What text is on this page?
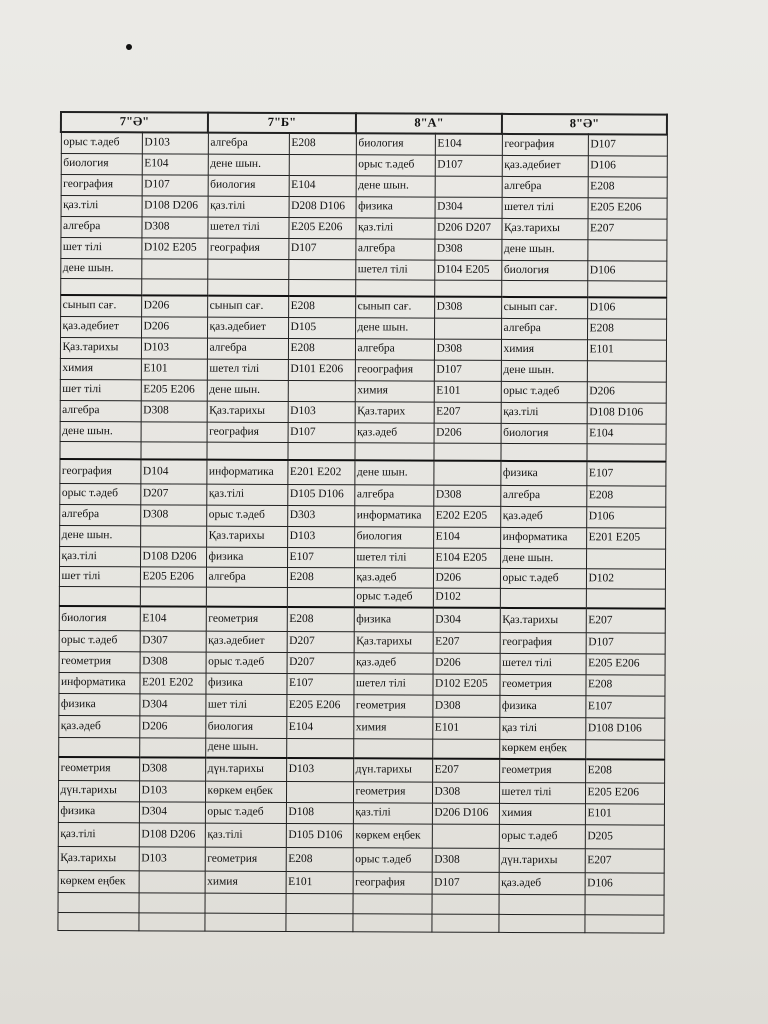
7"Ә"		7"Б"		8"А"		8"Ә"	
орыс т.әдеб	D103	алгебра	E208	биология	E104	география	D107
биология	E104	дене шын.		орыс т.әдеб	D107	қаз.әдебиет	D106
география	D107	биология	E104	дене шын.		алгебра	E208
қаз.тілі	D108 D206	қаз.тілі	D208 D106	физика	D304	шетел тілі	E205 E206
алгебра	D308	шетел тілі	E205 E206	қаз.тілі	D206 D207	Қаз.тарихы	E207
шет тілі	D102 E205	география	D107	алгебра	D308	дене шын.	
дене шын.				шетел тілі	D104 E205	биология	D106

сынып сағ.	D206	сынып сағ.	E208	сынып сағ.	D308	сынып сағ.	D106
қаз.әдебиет	D206	қаз.әдебиет	D105	дене шын.		алгебра	E208
Қаз.тарихы	D103	алгебра	E208	алгебра	D308	химия	E101
химия	E101	шетел тілі	D101 E206	геоография	D107	дене шын.	
шет тілі	E205 E206	дене шын.		химия	E101	орыс т.әдеб	D206
алгебра	D308	Қаз.тарихы	D103	Қаз.тарих	E207	қаз.тілі	D108 D106
дене шын.		география	D107	қаз.әдеб	D206	биология	E104

география	D104	информатика	E201 E202	дене шын.		физика	E107
орыс т.әдеб	D207	қаз.тілі	D105 D106	алгебра	D308	алгебра	E208
алгебра	D308	орыс т.әдеб	D303	информатика	E202 E205	қаз.әдеб	D106
дене шын.		Қаз.тарихы	D103	биология	E104	информатика	E201 E205
қаз.тілі	D108 D206	физика	E107	шетел тілі	E104 E205	дене шын.	
шет тілі	E205 E206	алгебра	E208	қаз.әдеб	D206	орыс т.әдеб	D102
				орыс т.әдеб	D102		
биология	E104	геометрия	E208	физика	D304	Қаз.тарихы	E207
орыс т.әдеб	D307	қаз.әдебиет	D207	Қаз.тарихы	E207	география	D107
геометрия	D308	орыс т.әдеб	D207	қаз.әдеб	D206	шетел тілі	E205 E206
информатика	E201 E202	физика	E107	шетел тілі	D102 E205	геометрия	E208
физика	D304	шет тілі	E205 E206	геометрия	D308	физика	E107
қаз.әдеб	D206	биология	E104	химия	E101	қаз тілі	D108 D106
		дене шын.				көркем еңбек	
геометрия	D308	дүн.тарихы	D103	дүн.тарихы	E207	геометрия	E208
дүн.тарихы	D103	көркем еңбек		геометрия	D308	шетел тілі	E205 E206
физика	D304	орыс т.әдеб	D108	қаз.тілі	D206 D106	химия	E101
қаз.тілі	D108 D206	қаз.тілі	D105 D106	көркем еңбек		орыс т.әдеб	D205
Қаз.тарихы	D103	геометрия	E208	орыс т.әдеб	D308	дүн.тарихы	E207
көркем еңбек		химия	E101	география	D107	қаз.әдеб	D106
